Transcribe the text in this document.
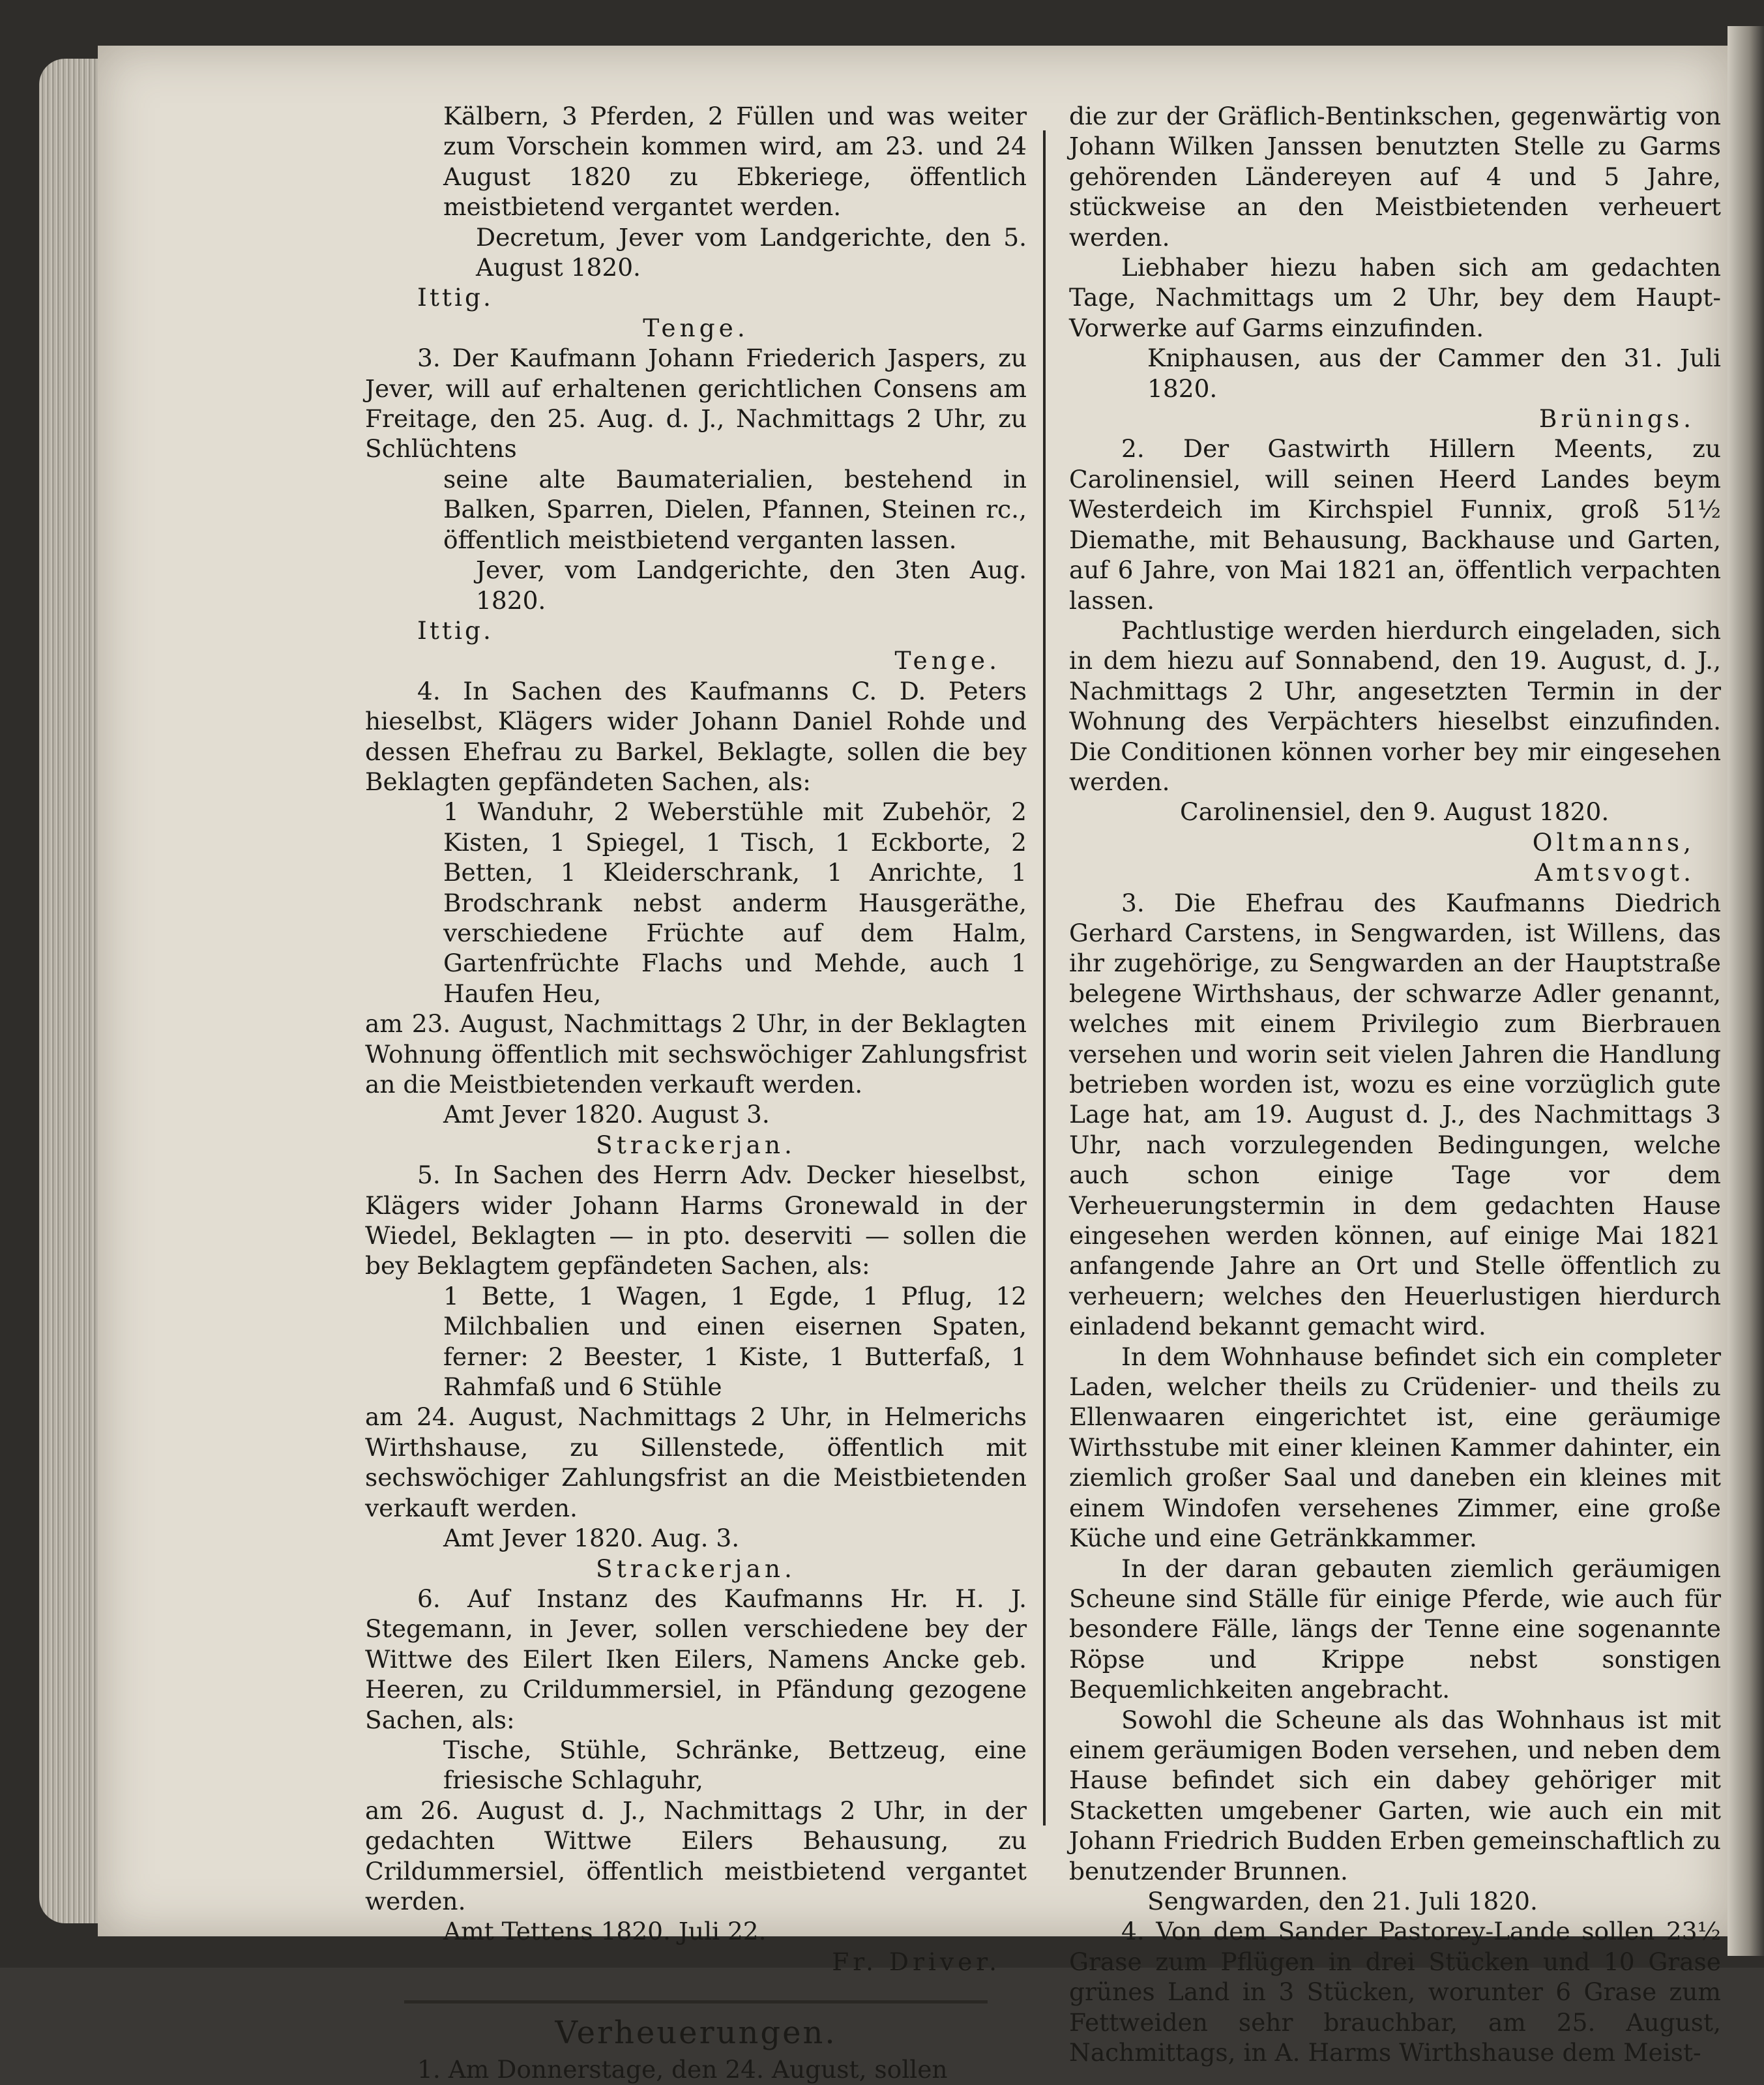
Kälbern, 3 Pferden, 2 Füllen und was weiter zum Vorschein kommen wird, am 23. und 24 August 1820 zu Ebkeriege, öffentlich meistbietend vergantet werden.

Decretum, Jever vom Landgerichte, den 5. August 1820.

Ittig.

Tenge.

3. Der Kaufmann Johann Friederich Jaspers, zu Jever, will auf erhaltenen gerichtlichen Consens am Freitage, den 25. Aug. d. J., Nachmittags 2 Uhr, zu Schlüchtens

seine alte Baumaterialien, bestehend in Balken, Sparren, Dielen, Pfannen, Steinen rc., öffentlich meistbietend verganten lassen.

Jever, vom Landgerichte, den 3ten Aug. 1820.

Ittig.

Tenge.

4. In Sachen des Kaufmanns C. D. Peters hieselbst, Klägers wider Johann Daniel Rohde und dessen Ehefrau zu Barkel, Beklagte, sollen die bey Beklagten gepfändeten Sachen, als:

1 Wanduhr, 2 Weberstühle mit Zubehör, 2 Kisten, 1 Spiegel, 1 Tisch, 1 Eckborte, 2 Betten, 1 Kleiderschrank, 1 Anrichte, 1 Brodschrank nebst anderm Hausgeräthe, verschiedene Früchte auf dem Halm, Gartenfrüchte Flachs und Mehde, auch 1 Haufen Heu,

am 23. August, Nachmittags 2 Uhr, in der Beklagten Wohnung öffentlich mit sechswöchiger Zahlungsfrist an die Meistbietenden verkauft werden.

Amt Jever 1820. August 3.

Strackerjan.

5. In Sachen des Herrn Adv. Decker hieselbst, Klägers wider Johann Harms Gronewald in der Wiedel, Beklagten — in pto. deserviti — sollen die bey Beklagtem gepfändeten Sachen, als:

1 Bette, 1 Wagen, 1 Egde, 1 Pflug, 12 Milchbalien und einen eisernen Spaten, ferner: 2 Beester, 1 Kiste, 1 Butterfaß, 1 Rahmfaß und 6 Stühle

am 24. August, Nachmittags 2 Uhr, in Helmerichs Wirthshause, zu Sillenstede, öffentlich mit sechswöchiger Zahlungsfrist an die Meistbietenden verkauft werden.

Amt Jever 1820. Aug. 3.

Strackerjan.

6. Auf Instanz des Kaufmanns Hr. H. J. Stegemann, in Jever, sollen verschiedene bey der Wittwe des Eilert Iken Eilers, Namens Ancke geb. Heeren, zu Crildummersiel, in Pfändung gezogene Sachen, als:

Tische, Stühle, Schränke, Bettzeug, eine friesische Schlaguhr,

am 26. August d. J., Nachmittags 2 Uhr, in der gedachten Wittwe Eilers Behausung, zu Crildummersiel, öffentlich meistbietend vergantet werden.

Amt Tettens 1820. Juli 22.

Fr. Driver.

Verheuerungen.

1. Am Donnerstage, den 24. August, sollen

die zur der Gräflich-Bentinkschen, gegenwärtig von Johann Wilken Janssen benutzten Stelle zu Garms gehörenden Ländereyen auf 4 und 5 Jahre, stückweise an den Meistbietenden verheuert werden.

Liebhaber hiezu haben sich am gedachten Tage, Nachmittags um 2 Uhr, bey dem Haupt-Vorwerke auf Garms einzufinden.

Kniphausen, aus der Cammer den 31. Juli 1820.

Brünings.

2. Der Gastwirth Hillern Meents, zu Carolinensiel, will seinen Heerd Landes beym Westerdeich im Kirchspiel Funnix, groß 51½ Diemathe, mit Behausung, Backhause und Garten, auf 6 Jahre, von Mai 1821 an, öffentlich verpachten lassen.

Pachtlustige werden hierdurch eingeladen, sich in dem hiezu auf Sonnabend, den 19. August, d. J., Nachmittags 2 Uhr, angesetzten Termin in der Wohnung des Verpächters hieselbst einzufinden. Die Conditionen können vorher bey mir eingesehen werden.

Carolinensiel, den 9. August 1820.

Oltmanns,

Amtsvogt.

3. Die Ehefrau des Kaufmanns Diedrich Gerhard Carstens, in Sengwarden, ist Willens, das ihr zugehörige, zu Sengwarden an der Hauptstraße belegene Wirthshaus, der schwarze Adler genannt, welches mit einem Privilegio zum Bierbrauen versehen und worin seit vielen Jahren die Handlung betrieben worden ist, wozu es eine vorzüglich gute Lage hat, am 19. August d. J., des Nachmittags 3 Uhr, nach vorzulegenden Bedingungen, welche auch schon einige Tage vor dem Verheuerungstermin in dem gedachten Hause eingesehen werden können, auf einige Mai 1821 anfangende Jahre an Ort und Stelle öffentlich zu verheuern; welches den Heuerlustigen hierdurch einladend bekannt gemacht wird.

In dem Wohnhause befindet sich ein completer Laden, welcher theils zu Crüdenier- und theils zu Ellenwaaren eingerichtet ist, eine geräumige Wirthsstube mit einer kleinen Kammer dahinter, ein ziemlich großer Saal und daneben ein kleines mit einem Windofen versehenes Zimmer, eine große Küche und eine Getränkkammer.

In der daran gebauten ziemlich geräumigen Scheune sind Ställe für einige Pferde, wie auch für besondere Fälle, längs der Tenne eine sogenannte Röpse und Krippe nebst sonstigen Bequemlichkeiten angebracht.

Sowohl die Scheune als das Wohnhaus ist mit einem geräumigen Boden versehen, und neben dem Hause befindet sich ein dabey gehöriger mit Stacketten umgebener Garten, wie auch ein mit Johann Friedrich Budden Erben gemeinschaftlich zu benutzender Brunnen.

Sengwarden, den 21. Juli 1820.

4. Von dem Sander Pastorey-Lande sollen 23½ Grase zum Pflügen in drei Stücken und 10 Grase grünes Land in 3 Stücken, worunter 6 Grase zum Fettweiden sehr brauchbar, am 25. August, Nachmittags, in A. Harms Wirthshause dem Meist-
